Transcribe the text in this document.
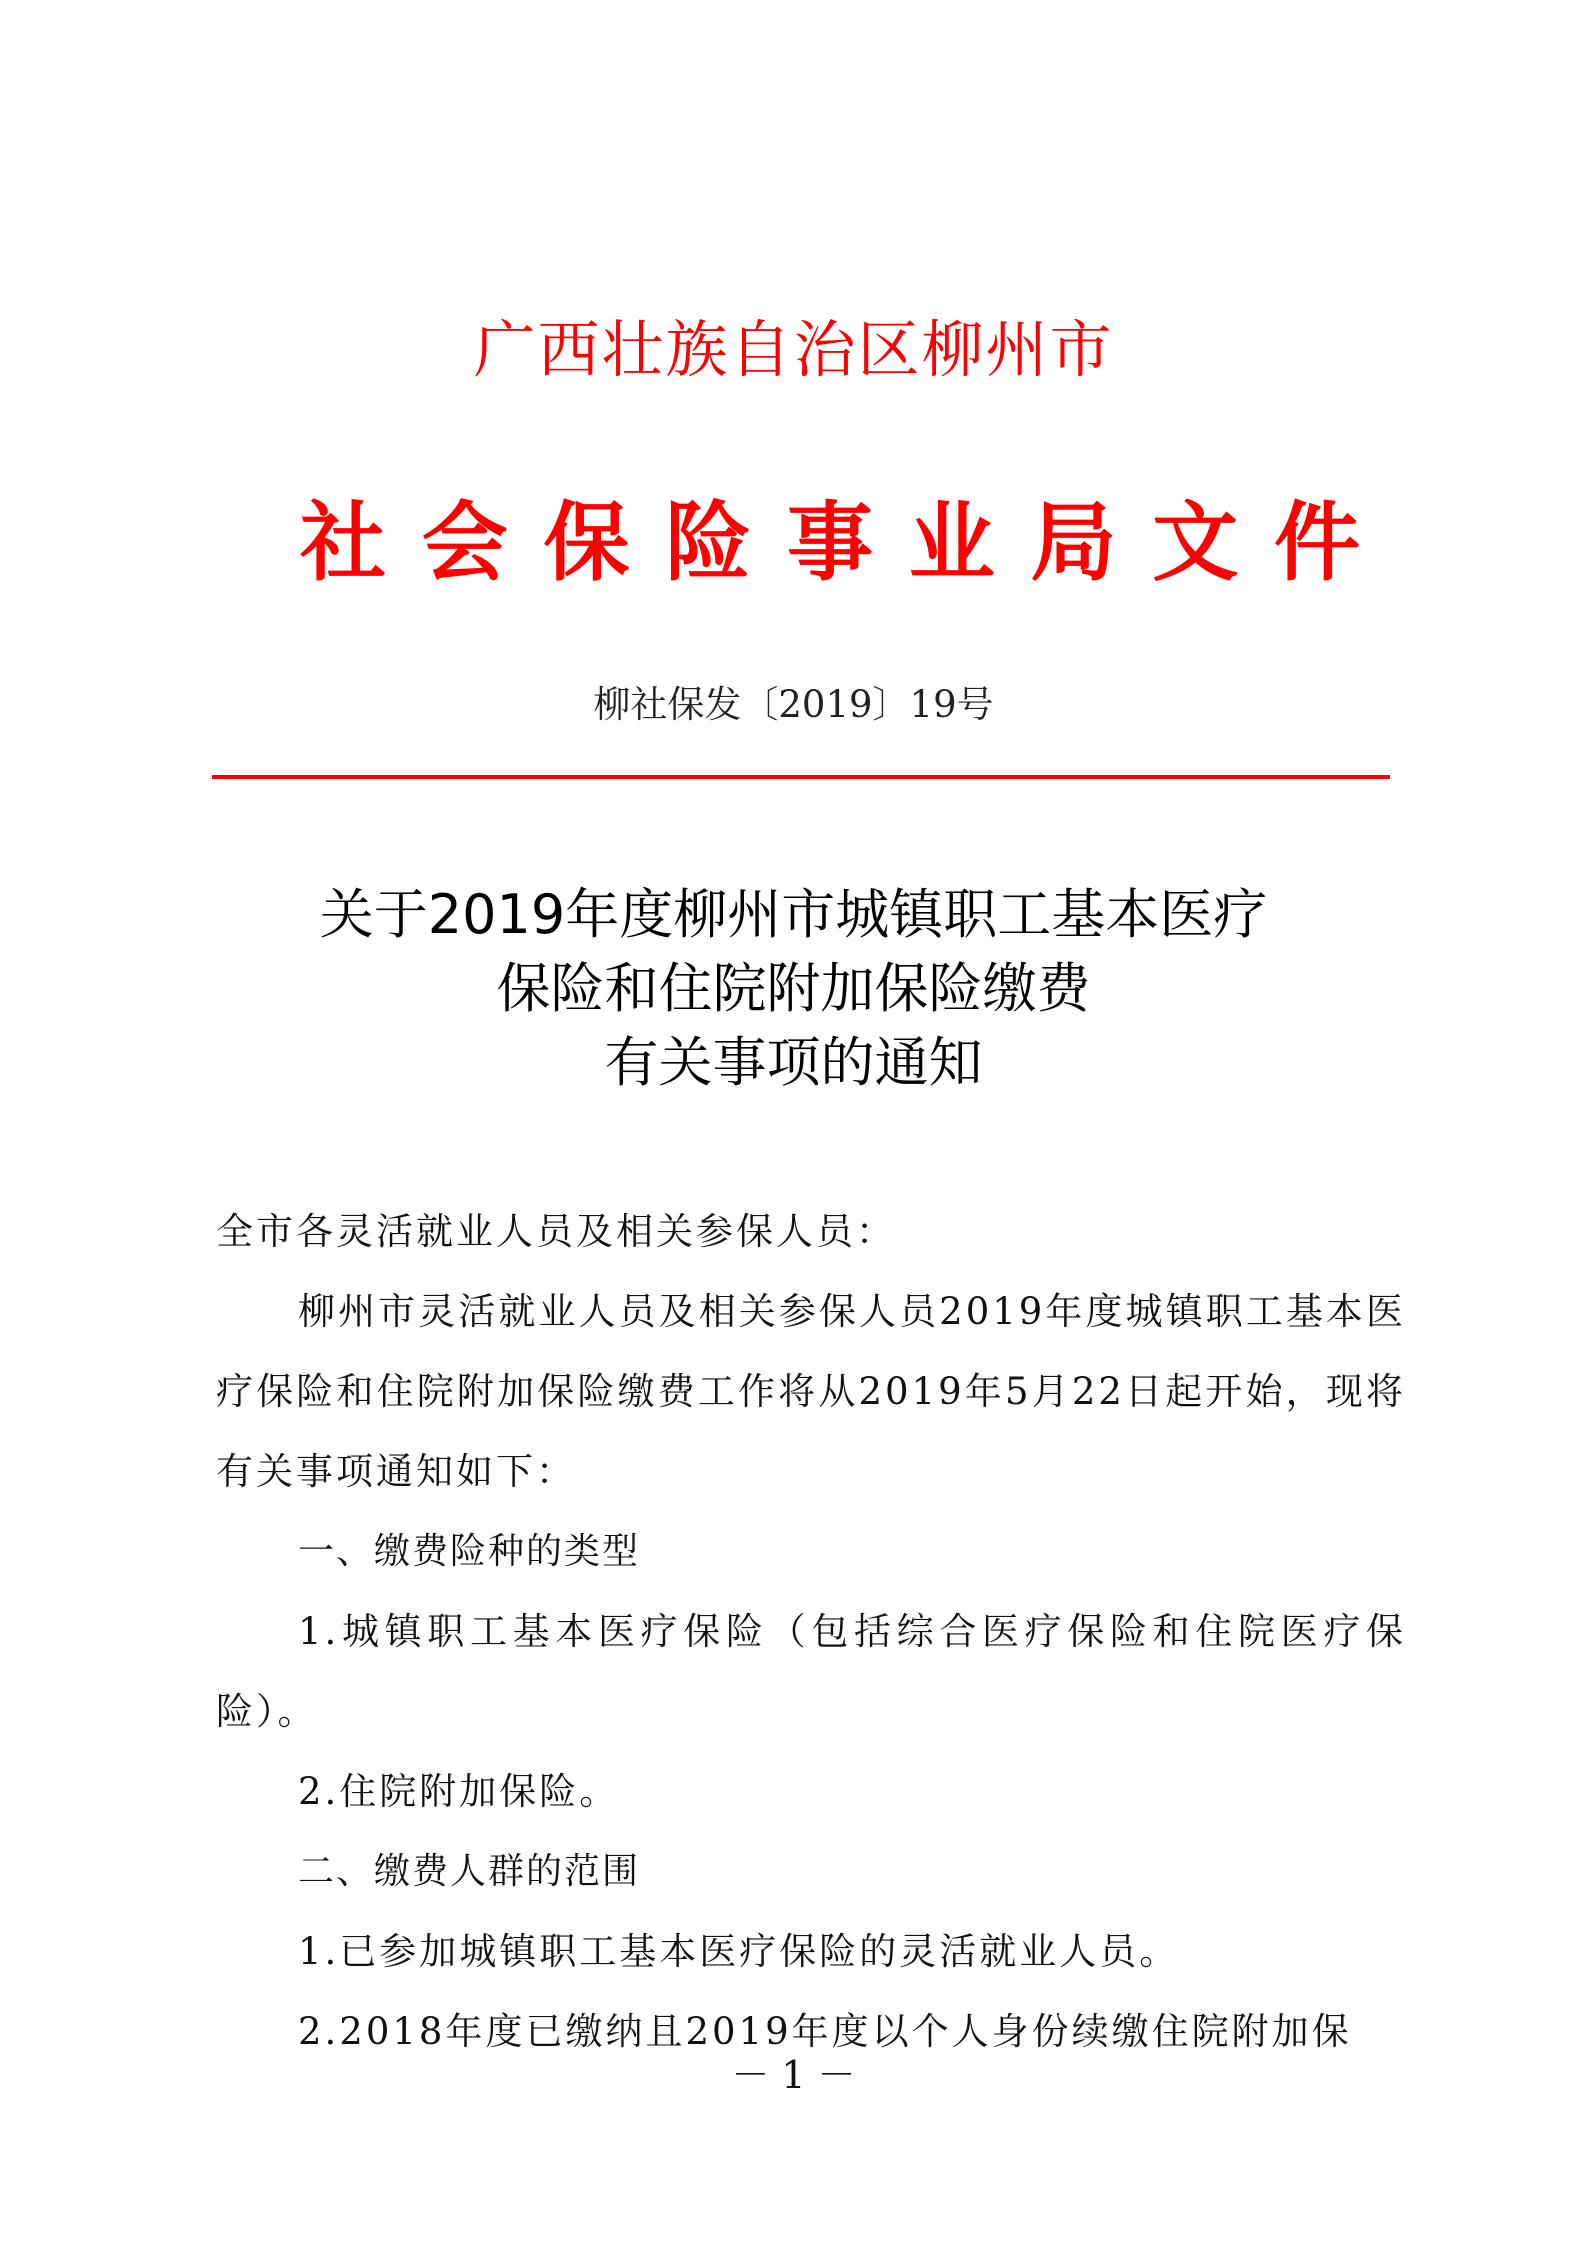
广西壮族自治区柳州市
社 会 保 险 事 业 局 文 件
柳社保发〔2019〕19号
关于2019年度柳州市城镇职工基本医疗
保险和住院附加保险缴费
有关事项的通知

全市各灵活就业人员及相关参保人员：

柳州市灵活就业人员及相关参保人员2019年度城镇职工基本医疗保险和住院附加保险缴费工作将从2019年5月22日起开始，现将有关事项通知如下：

一、缴费险种的类型

1.城镇职工基本医疗保险（包括综合医疗保险和住院医疗保险）。

2.住院附加保险。

二、缴费人群的范围

1.已参加城镇职工基本医疗保险的灵活就业人员。

2.2018年度已缴纳且2019年度以个人身份续缴住院附加保

－ 1 －
